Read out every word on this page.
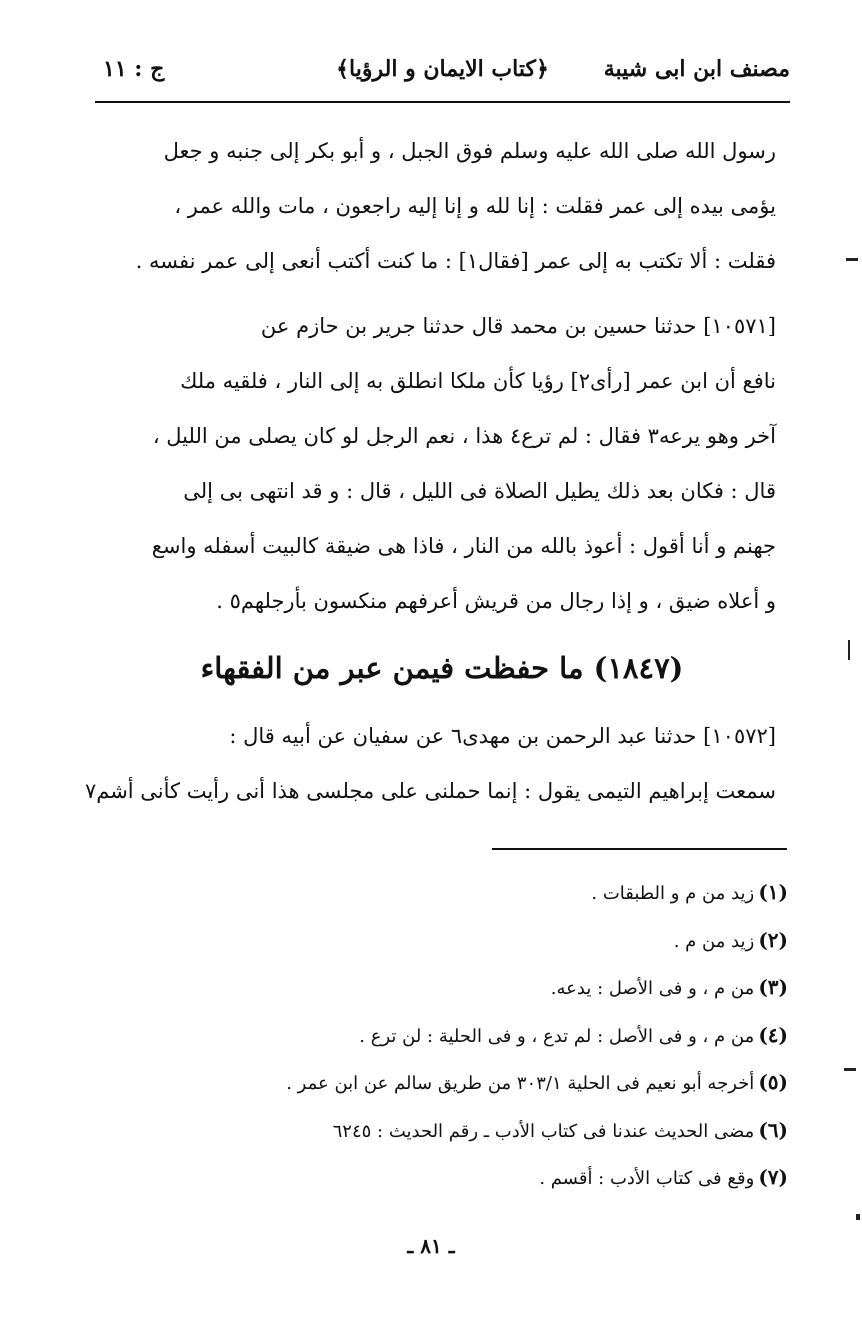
مصنف ابن ابى شيبة
﴿كتاب الايمان و الرؤيا﴾
ج : ١١
رسول الله صلى الله عليه وسلم فوق الجبل ، و أبو بكر إلى جنبه و جعل
يؤمى بيده إلى عمر فقلت : إنا لله و إنا إليه راجعون ، مات والله عمر ،
فقلت : ألا تكتب به إلى عمر [فقال١] : ما كنت أكتب أنعى إلى عمر نفسه .
[١٠٥٧١] حدثنا حسين بن محمد قال حدثنا جرير بن حازم عن
نافع أن ابن عمر [رأى٢] رؤيا كأن ملكا انطلق به إلى النار ، فلقيه ملك
آخر وهو يرعه٣ فقال : لم ترع٤ هذا ، نعم الرجل لو كان يصلى من الليل ،
قال : فكان بعد ذلك يطيل الصلاة فى الليل ، قال : و قد انتهى بى إلى
جهنم و أنا أقول : أعوذ بالله من النار ، فاذا هى ضيقة كالبيت أسفله واسع
و أعلاه ضيق ، و إذا رجال من قريش أعرفهم منكسون بأرجلهم٥ .
(١٨٤٧) ما حفظت فيمن عبر من الفقهاء
[١٠٥٧٢] حدثنا عبد الرحمن بن مهدى٦ عن سفيان عن أبيه قال :
سمعت إبراهيم التيمى يقول : إنما حملنى على مجلسى هذا أنى رأيت كأنى أشم٧
(١) زيد من م و الطبقات .
(٢) زيد من م .
(٣) من م ، و فى الأصل : يدعه.
(٤) من م ، و فى الأصل : لم تدع ، و فى الحلية : لن ترع .
(٥) أخرجه أبو نعيم فى الحلية ٣٠٣/١ من طريق سالم عن ابن عمر .
(٦) مضى الحديث عندنا فى كتاب الأدب ـ رقم الحديث : ٦٢٤٥
(٧) وقع فى كتاب الأدب : أقسم .
ـ ٨١ ـ
